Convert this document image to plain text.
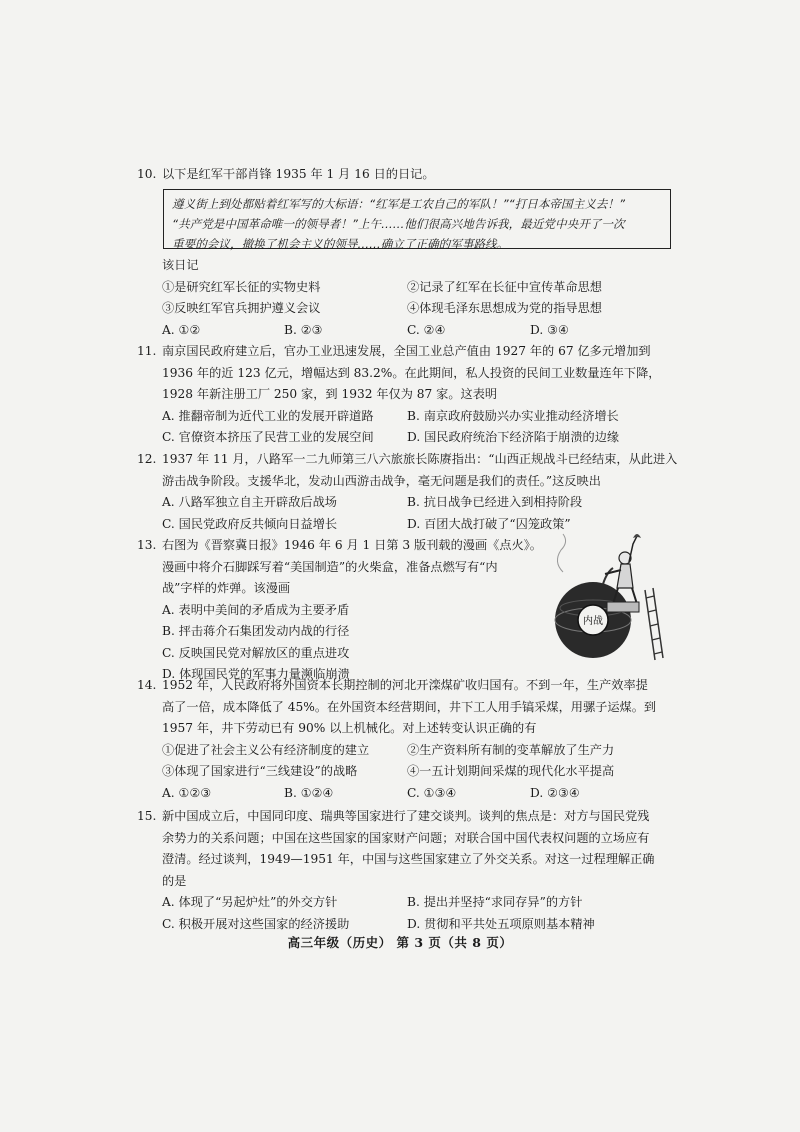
10. 以下是红军干部肖锋 1935 年 1 月 16 日的日记。
遵义街上到处都贴着红军写的大标语：“红军是工农自己的军队！”“打日本帝国主义去！”
“共产党是中国革命唯一的领导者！”上午……他们很高兴地告诉我，最近党中央开了一次
重要的会议，撤换了机会主义的领导……确立了正确的军事路线。
该日记
①是研究红军长征的实物史料	②记录了红军在长征中宣传革命思想
③反映红军官兵拥护遵义会议	④体现毛泽东思想成为党的指导思想
A. ①②	B. ②③	C. ②④	D. ③④
11. 南京国民政府建立后，官办工业迅速发展，全国工业总产值由 1927 年的 67 亿多元增加到
1936 年的近 123 亿元，增幅达到 83.2%。在此期间，私人投资的民间工业数量连年下降，
1928 年新注册工厂 250 家，到 1932 年仅为 87 家。这表明
A. 推翻帝制为近代工业的发展开辟道路	B. 南京政府鼓励兴办实业推动经济增长
C. 官僚资本挤压了民营工业的发展空间	D. 国民政府统治下经济陷于崩溃的边缘
12. 1937 年 11 月，八路军一二九师第三八六旅旅长陈赓指出：“山西正规战斗已经结束，从此进入
游击战争阶段。支援华北，发动山西游击战争，毫无问题是我们的责任。”这反映出
A. 八路军独立自主开辟敌后战场	B. 抗日战争已经进入到相持阶段
C. 国民党政府反共倾向日益增长	D. 百团大战打破了“囚笼政策”
13. 右图为《晋察冀日报》1946 年 6 月 1 日第 3 版刊载的漫画《点火》。
漫画中将介石脚踩写着“美国制造”的火柴盒，准备点燃写有“内
战”字样的炸弹。该漫画
A. 表明中美间的矛盾成为主要矛盾
B. 抨击蒋介石集团发动内战的行径
C. 反映国民党对解放区的重点进攻
D. 体现国民党的军事力量濒临崩溃
内战
14. 1952 年，人民政府将外国资本长期控制的河北开滦煤矿收归国有。不到一年，生产效率提
高了一倍，成本降低了 45%。在外国资本经营期间，井下工人用手镐采煤，用骡子运煤。到
1957 年，井下劳动已有 90% 以上机械化。对上述转变认识正确的有
①促进了社会主义公有经济制度的建立	②生产资料所有制的变革解放了生产力
③体现了国家进行“三线建设”的战略	④一五计划期间采煤的现代化水平提高
A. ①②③	B. ①②④	C. ①③④	D. ②③④
15. 新中国成立后，中国同印度、瑞典等国家进行了建交谈判。谈判的焦点是：对方与国民党残
余势力的关系问题；中国在这些国家的国家财产问题；对联合国中国代表权问题的立场应有
澄清。经过谈判，1949—1951 年，中国与这些国家建立了外交关系。对这一过程理解正确
的是
A. 体现了“另起炉灶”的外交方针	B. 提出并坚持“求同存异”的方针
C. 积极开展对这些国家的经济援助	D. 贯彻和平共处五项原则基本精神
高三年级（历史） 第 3 页（共 8 页）
